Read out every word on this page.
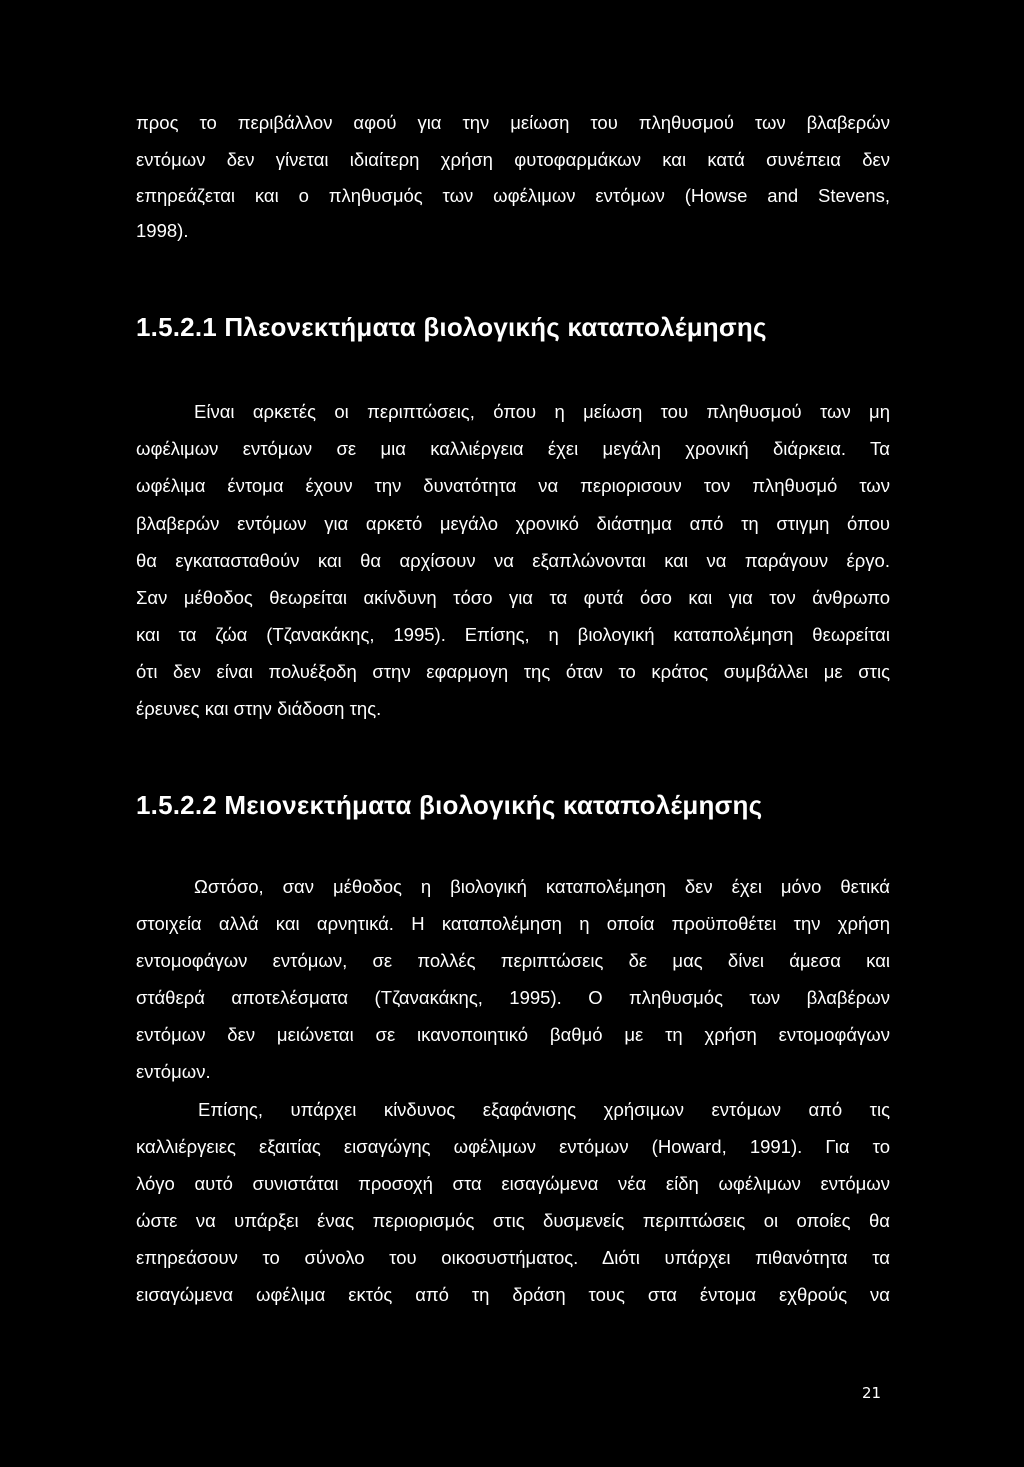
προς το περιβάλλον αφού για την μείωση του πληθυσμού των βλαβερών
εντόμων δεν γίνεται ιδιαίτερη χρήση φυτοφαρμάκων και κατά συνέπεια δεν
επηρεάζεται και ο πληθυσμός των ωφέλιμων εντόμων (Howse and Stevens,
1998).
1.5.2.1 Πλεονεκτήματα βιολογικής καταπολέμησης
Είναι αρκετές οι περιπτώσεις, όπου η μείωση του πληθυσμού των μη
ωφέλιμων εντόμων σε μια καλλιέργεια έχει μεγάλη χρονική διάρκεια. Τα
ωφέλιμα έντομα έχουν την δυνατότητα να περιορισουν τον πληθυσμό των
βλαβερών εντόμων για αρκετό μεγάλο χρονικό διάστημα από τη στιγμη όπου
θα εγκατασταθούν και θα αρχίσουν να εξαπλώνονται και να παράγουν έργο.
Σαν μέθοδος θεωρείται ακίνδυνη τόσο για τα φυτά όσο και για τον άνθρωπο
και τα ζώα (Τζανακάκης, 1995). Επίσης, η βιολογική καταπολέμηση θεωρείται
ότι δεν είναι πολυέξοδη στην εφαρμογη της όταν το κράτος συμβάλλει με στις
έρευνες και στην διάδοση της.
1.5.2.2 Μειονεκτήματα βιολογικής καταπολέμησης
Ωστόσο, σαν μέθοδος η βιολογική καταπολέμηση δεν έχει μόνο θετικά
στοιχεία αλλά και αρνητικά. Η καταπολέμηση η οποία προϋποθέτει την χρήση
εντομοφάγων εντόμων, σε πολλές περιπτώσεις δε μας δίνει άμεσα και
στάθερά αποτελέσματα (Τζανακάκης, 1995). Ο πληθυσμός των βλαβέρων
εντόμων δεν μειώνεται σε ικανοποιητικό βαθμό με τη χρήση εντομοφάγων
εντόμων.
Επίσης, υπάρχει κίνδυνος εξαφάνισης χρήσιμων εντόμων από τις
καλλιέργειες εξαιτίας εισαγώγης ωφέλιμων εντόμων (Howard, 1991). Για το
λόγο αυτό συνιστάται προσοχή στα εισαγώμενα νέα είδη ωφέλιμων εντόμων
ώστε να υπάρξει ένας περιορισμός στις δυσμενείς περιπτώσεις οι οποίες θα
επηρεάσουν το σύνολο του οικοσυστήματος. Διότι υπάρχει πιθανότητα τα
εισαγώμενα ωφέλιμα εκτός από τη δράση τους στα έντομα εχθρούς να
21
